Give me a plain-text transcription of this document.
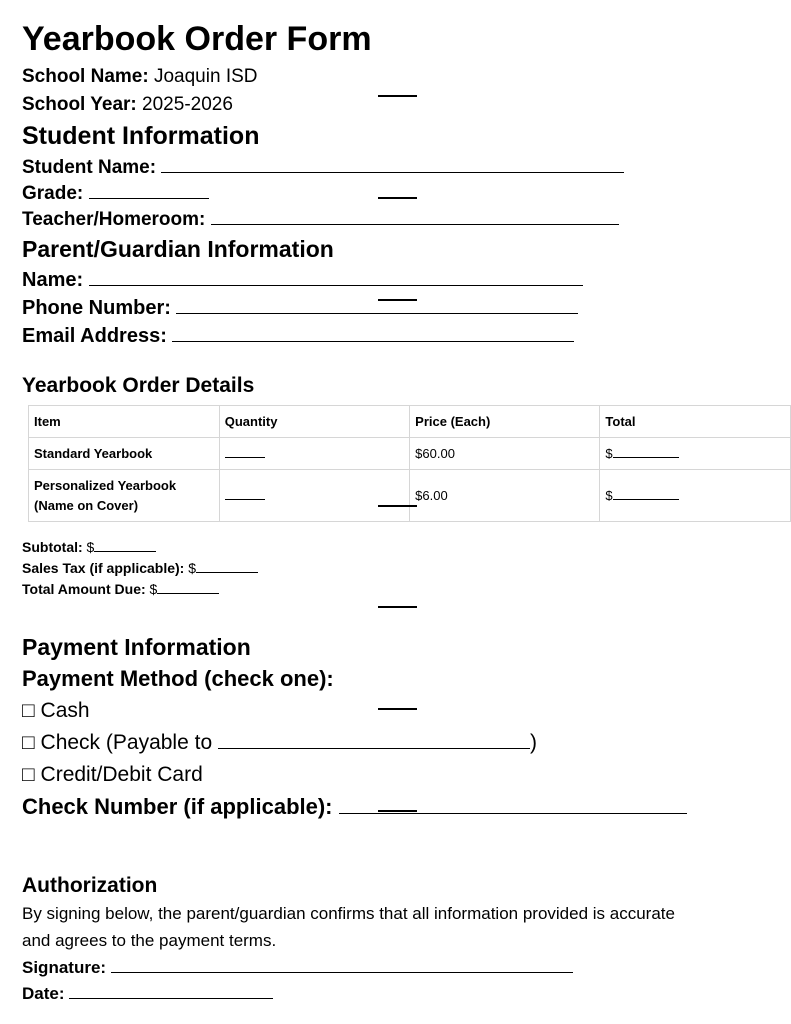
Yearbook Order Form
School Name: Joaquin ISD
School Year: 2025-2026
Student Information
Student Name:
Grade:
Teacher/Homeroom:
Parent/Guardian Information
Name:
Phone Number:
Email Address:
Yearbook Order Details
Item	Quantity	Price (Each)	Total
Standard Yearbook		$60.00	$
Personalized Yearbook
(Name on Cover)		$6.00	$
Subtotal: $
Sales Tax (if applicable): $
Total Amount Due: $
Payment Information
Payment Method (check one):
□ Cash
□ Check (Payable to	)
□ Credit/Debit Card
Check Number (if applicable):
Authorization
By signing below, the parent/guardian confirms that all information provided is accurate
and agrees to the payment terms.
Signature:
Date:
